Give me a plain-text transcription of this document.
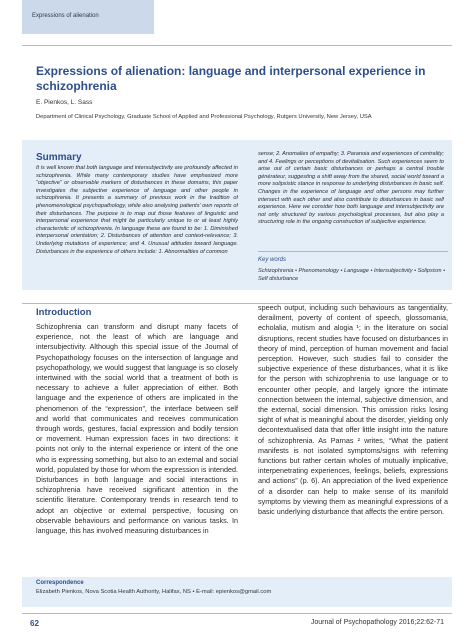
Expressions of alienation
Expressions of alienation: language and interpersonal experience in schizophrenia
E. Pienkos, L. Sass
Department of Clinical Psychology, Graduate School of Applied and Professional Psychology, Rutgers University, New Jersey, USA
Summary
It is well known that both language and intersubjectivity are profoundly affected in schizophrenia. While many contemporary studies have emphasized more “objective” or observable markers of disturbances in these domains, this paper investigates the subjective experience of language and other people in schizophrenia. It presents a summary of previous work in the tradition of phenomenological psychopathology, while also analysing patients’ own reports of their disturbances. The purpose is to map out those features of linguistic and interpersonal experience that might be particularly unique to or at least highly characteristic of schizophrenia. In language these are found to be: 1. Diminished interpersonal orientation; 2. Disturbances of attention and context-relevance; 3. Underlying mutations of experience; and 4. Unusual attitudes toward language. Disturbances in the experience of others include: 1. Abnormalities of common
sense; 2. Anomalies of empathy; 3. Paranoia and experiences of centrality; and 4. Feelings or perceptions of devitalisation. Such experiences seem to arise out of certain basic disturbances or perhaps a central trouble générateur, suggesting a shift away from the shared, social world toward a more solipsistic stance in response to underlying disturbances in basic self. Changes in the experience of language and other persons may further intersect with each other and also contribute to disturbances in basic self experience. Here we consider how both language and intersubjectivity are not only structured by various psychological processes, but also play a structuring role in the ongoing construction of subjective experience.
Key words
Schizophrenia • Phenomenology • Language • Intersubjectivity • Solipsism • Self disturbance
Introduction
Schizophrenia can transform and disrupt many facets of experience, not the least of which are language and intersubjectivity. Although this special issue of the Journal of Psychopathology focuses on the intersection of language and psychopathology, we would suggest that language is so closely intertwined with the social world that a treatment of both is necessary to achieve a fuller appreciation of either. Both language and the experience of others are implicated in the phenomenon of the “expression”, the interface between self and world that communicates and receives communication through words, gestures, facial expression and bodily tension or movement. Human expression faces in two directions: it points not only to the internal experience or intent of the one who is expressing something, but also to an external and social world, populated by those for whom the expression is intended. Disturbances in both language and social interactions in schizophrenia have received significant attention in the scientific literature. Contemporary trends in research tend to adopt an objective or external perspective, focusing on observable behaviours and performance on various tasks. In language, this has involved measuring disturbances in
speech output, including such behaviours as tangentiality, derailment, poverty of content of speech, glossomania, echolalia, mutism and alogia ¹; in the literature on social disruptions, recent studies have focused on disturbances in theory of mind, perception of human movement and facial perception. However, such studies fail to consider the subjective experience of these disturbances, what it is like for the person with schizophrenia to use language or to encounter other people, and largely ignore the intimate connection between the internal, subjective dimension, and the external, social dimension. This omission risks losing sight of what is meaningful about the disorder, yielding only decontextualised data that offer little insight into the nature of schizophrenia. As Parnas ² writes, “What the patient manifests is not isolated symptoms/signs with referring functions but rather certain wholes of mutually implicative, interpenetrating experiences, feelings, beliefs, expressions and actions” (p. 6). An appreciation of the lived experience of a disorder can help to make sense of its manifold symptoms by viewing them as meaningful expressions of a basic underlying disturbance that affects the entire person.
Correspondence
Elizabeth Pienkos, Nova Scotia Health Authority, Halifax, NS • E-mail: epienkos@gmail.com
62	Journal of Psychopathology 2016;22:62-71
